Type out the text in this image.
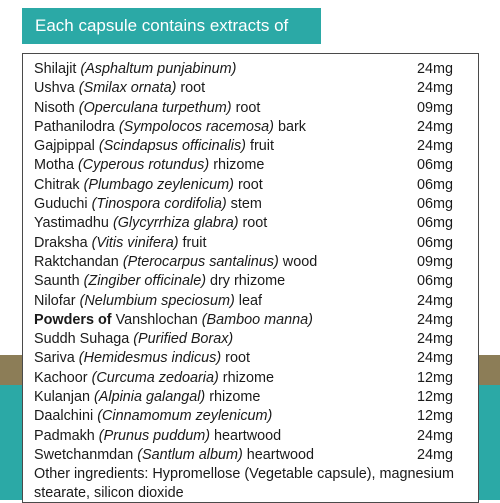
Each capsule contains extracts of
Shilajit (Asphaltum punjabinum)	24mg
Ushva (Smilax ornata) root	24mg
Nisoth (Operculana turpethum) root	09mg
Pathanilodra (Sympolocos racemosa) bark	24mg
Gajpippal (Scindapsus officinalis) fruit	24mg
Motha (Cyperous rotundus) rhizome	06mg
Chitrak (Plumbago zeylenicum) root	06mg
Guduchi (Tinospora cordifolia) stem	06mg
Yastimadhu (Glycyrrhiza glabra) root	06mg
Draksha (Vitis vinifera) fruit	06mg
Raktchandan (Pterocarpus santalinus) wood	09mg
Saunth (Zingiber officinale) dry rhizome	06mg
Nilofar (Nelumbium speciosum) leaf	24mg
Powders of Vanshlochan (Bamboo manna)	24mg
Suddh Suhaga (Purified Borax)	24mg
Sariva (Hemidesmus indicus) root	24mg
Kachoor (Curcuma zedoaria) rhizome	12mg
Kulanjan (Alpinia galangal) rhizome	12mg
Daalchini (Cinnamomum zeylenicum)	12mg
Padmakh (Prunus puddum) heartwood	24mg
Swetchanmdan (Santlum album) heartwood	24mg
Other ingredients: Hypromellose (Vegetable capsule), magnesium stearate, silicon dioxide
